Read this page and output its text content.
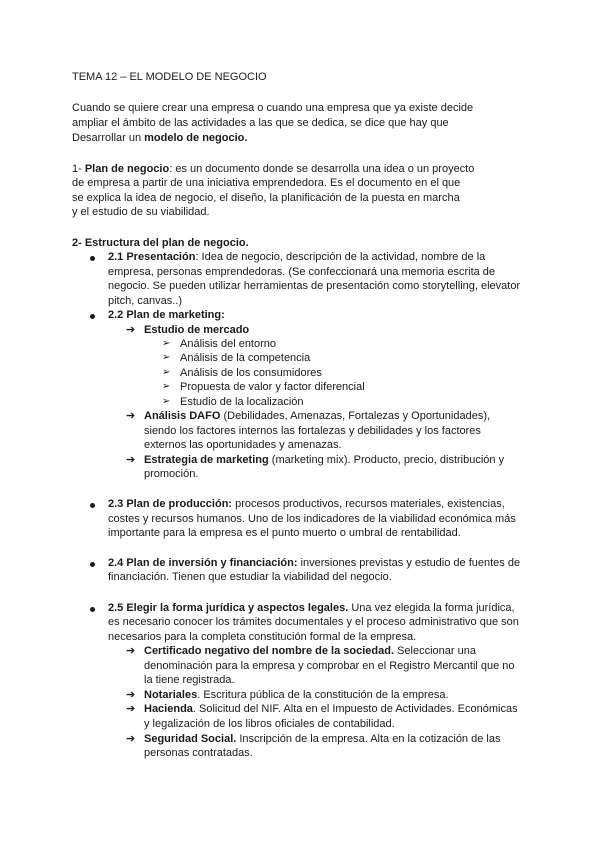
TEMA 12 – EL MODELO DE NEGOCIO
Cuando se quiere crear una empresa o cuando una empresa que ya existe decide
ampliar el ámbito de las actividades a las que se dedica, se dice que hay que
Desarrollar un modelo de negocio.
1- Plan de negocio: es un documento donde se desarrolla una idea o un proyecto
de empresa a partir de una iniciativa emprendedora. Es el documento en el que
se explica la idea de negocio, el diseño, la planificación de la puesta en marcha
y el estudio de su viabilidad.
2- Estructura del plan de negocio.
2.1 Presentación: Idea de negocio, descripción de la actividad, nombre de la
empresa, personas emprendedoras. (Se confeccionará una memoria escrita de
negocio. Se pueden utilizar herramientas de presentación como storytelling, elevator
pitch, canvas..)
2.2 Plan de marketing:
➔ Estudio de mercado
➢ Análisis del entorno
➢ Análisis de la competencia
➢ Análisis de los consumidores
➢ Propuesta de valor y factor diferencial
➢ Estudio de la localización
➔ Análisis DAFO (Debilidades, Amenazas, Fortalezas y Oportunidades),
siendo los factores internos las fortalezas y debilidades y los factores
externos las oportunidades y amenazas.
➔ Estrategia de marketing (marketing mix). Producto, precio, distribución y
promoción.
2.3 Plan de producción: procesos productivos, recursos materiales, existencias,
costes y recursos humanos. Uno de los indicadores de la viabilidad económica más
importante para la empresa es el punto muerto o umbral de rentabilidad.
2.4 Plan de inversión y financiación: inversiones previstas y estudio de fuentes de
financiación. Tienen que estudiar la viabilidad del negocio.
2.5 Elegir la forma jurídica y aspectos legales. Una vez elegida la forma jurídica,
es necesario conocer los trámites documentales y el proceso administrativo que son
necesarios para la completa constitución formal de la empresa.
➔ Certificado negativo del nombre de la sociedad. Seleccionar una
denominación para la empresa y comprobar en el Registro Mercantil que no
la tiene registrada.
➔ Notariales. Escritura pública de la constitución de la empresa.
➔ Hacienda. Solicitud del NIF. Alta en el Impuesto de Actividades. Económicas
y legalización de los libros oficiales de contabilidad.
➔ Seguridad Social. Inscripción de la empresa. Alta en la cotización de las
personas contratadas.
